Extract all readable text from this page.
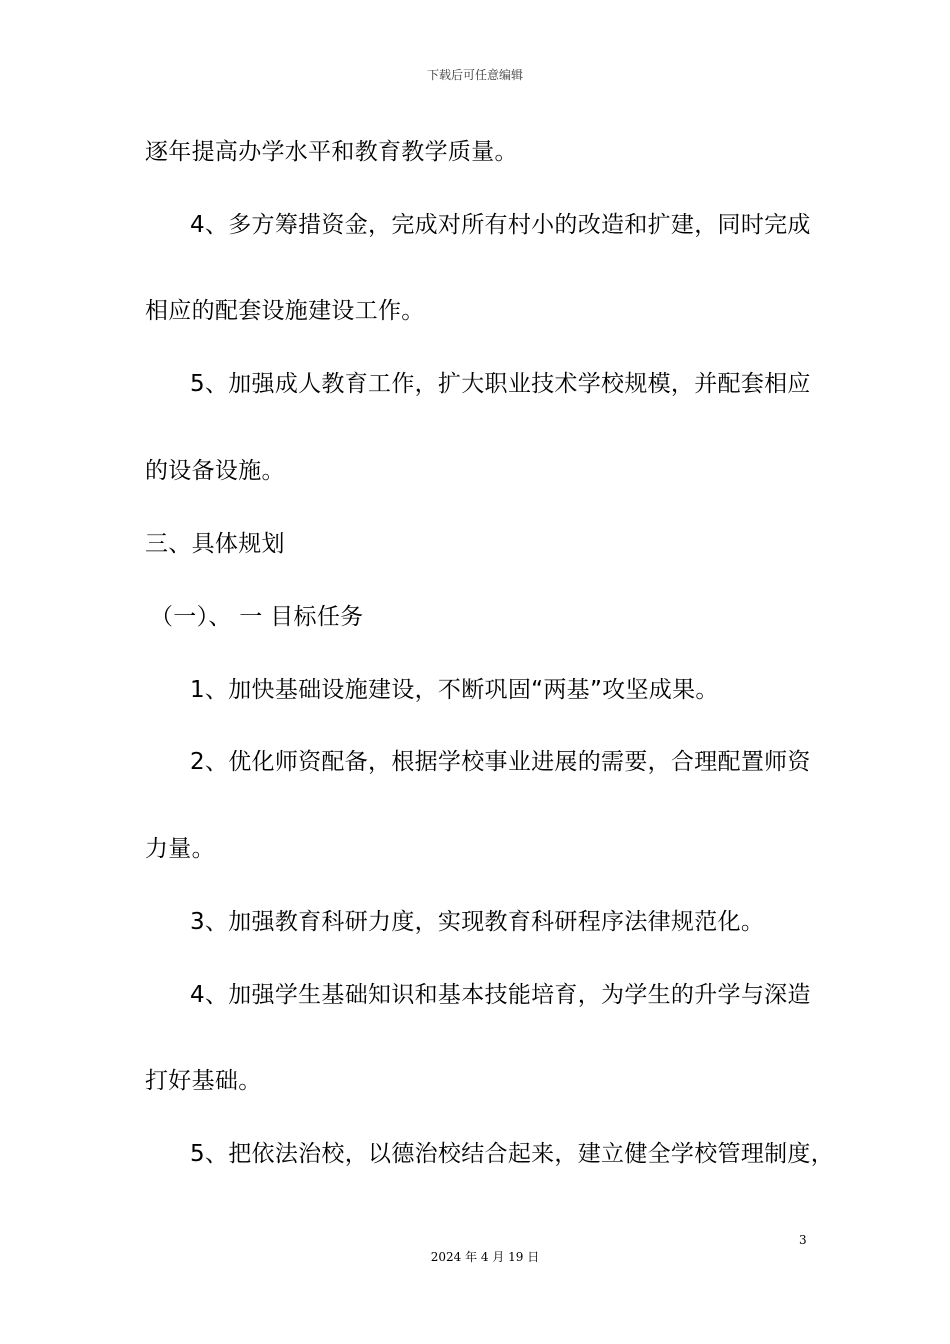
下载后可任意编辑
逐年提高办学水平和教育教学质量。
4、多方筹措资金，完成对所有村小的改造和扩建，同时完成
相应的配套设施建设工作。
5、加强成人教育工作，扩大职业技术学校规模，并配套相应
的设备设施。
三、具体规划
（一）、 一 目标任务
1、加快基础设施建设，不断巩固“两基”攻坚成果。
2、优化师资配备，根据学校事业进展的需要，合理配置师资
力量。
3、加强教育科研力度，实现教育科研程序法律规范化。
4、加强学生基础知识和基本技能培育，为学生的升学与深造
打好基础。
5、把依法治校，以德治校结合起来，建立健全学校管理制度，
3
2024 年 4 月 19 日
